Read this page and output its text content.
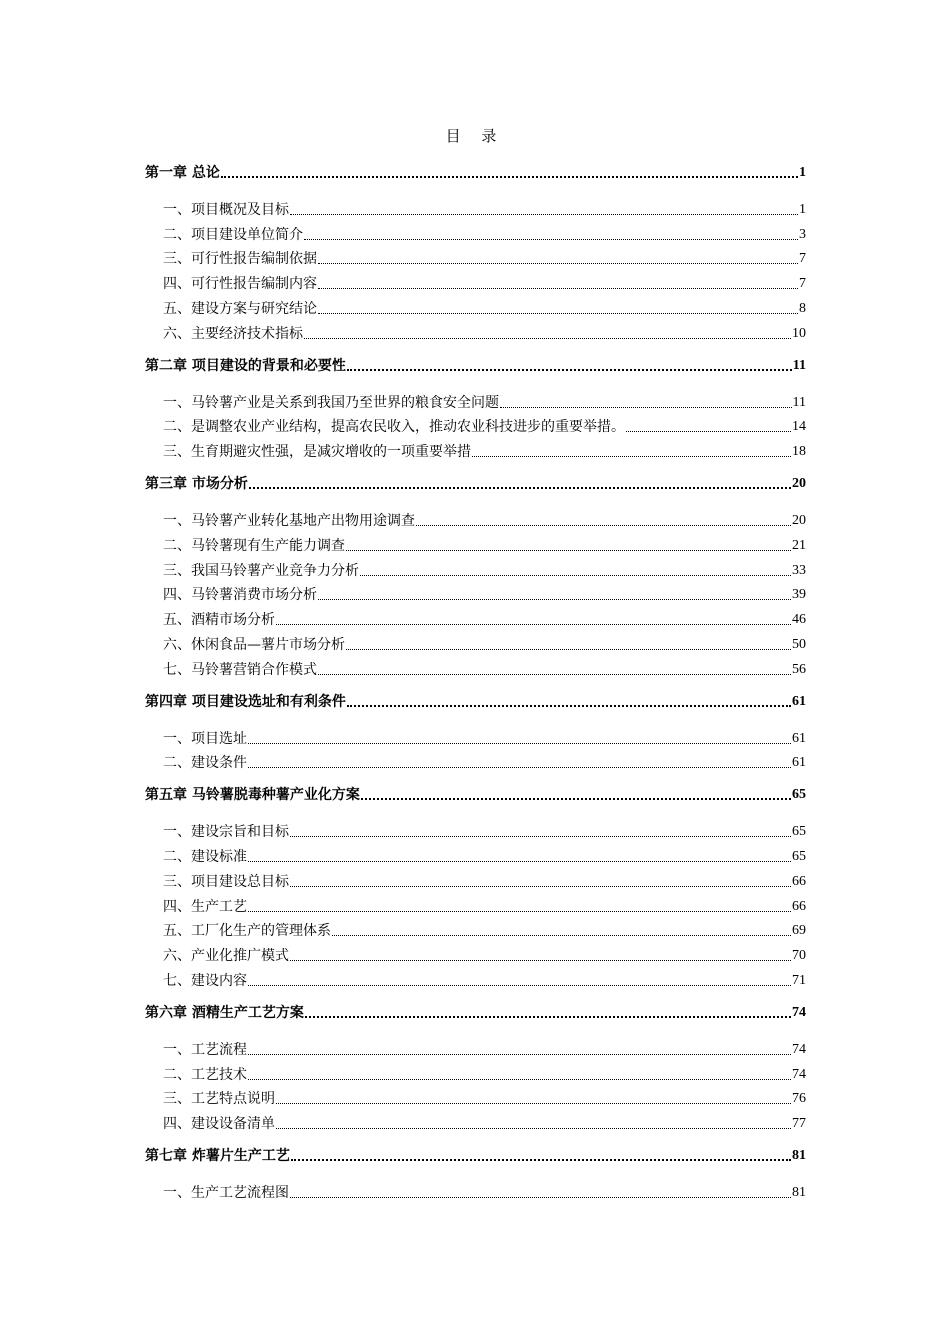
目 录
第一章 总论	1
一、项目概况及目标	1
二、项目建设单位简介	3
三、可行性报告编制依据	7
四、可行性报告编制内容	7
五、建设方案与研究结论	8
六、主要经济技术指标	10
第二章 项目建设的背景和必要性	11
一、马铃薯产业是关系到我国乃至世界的粮食安全问题	11
二、是调整农业产业结构，提高农民收入，推动农业科技进步的重要举措。	14
三、生育期避灾性强，是减灾增收的一项重要举措	18
第三章 市场分析	20
一、马铃薯产业转化基地产出物用途调查	20
二、马铃薯现有生产能力调查	21
三、我国马铃薯产业竞争力分析	33
四、马铃薯消费市场分析	39
五、酒精市场分析	46
六、休闲食品—薯片市场分析	50
七、马铃薯营销合作模式	56
第四章 项目建设选址和有利条件	61
一、项目选址	61
二、建设条件	61
第五章 马铃薯脱毒种薯产业化方案	65
一、建设宗旨和目标	65
二、建设标准	65
三、项目建设总目标	66
四、生产工艺	66
五、工厂化生产的管理体系	69
六、产业化推广模式	70
七、建设内容	71
第六章 酒精生产工艺方案	74
一、工艺流程	74
二、工艺技术	74
三、工艺特点说明	76
四、建设设备清单	77
第七章 炸薯片生产工艺	81
一、生产工艺流程图	81
